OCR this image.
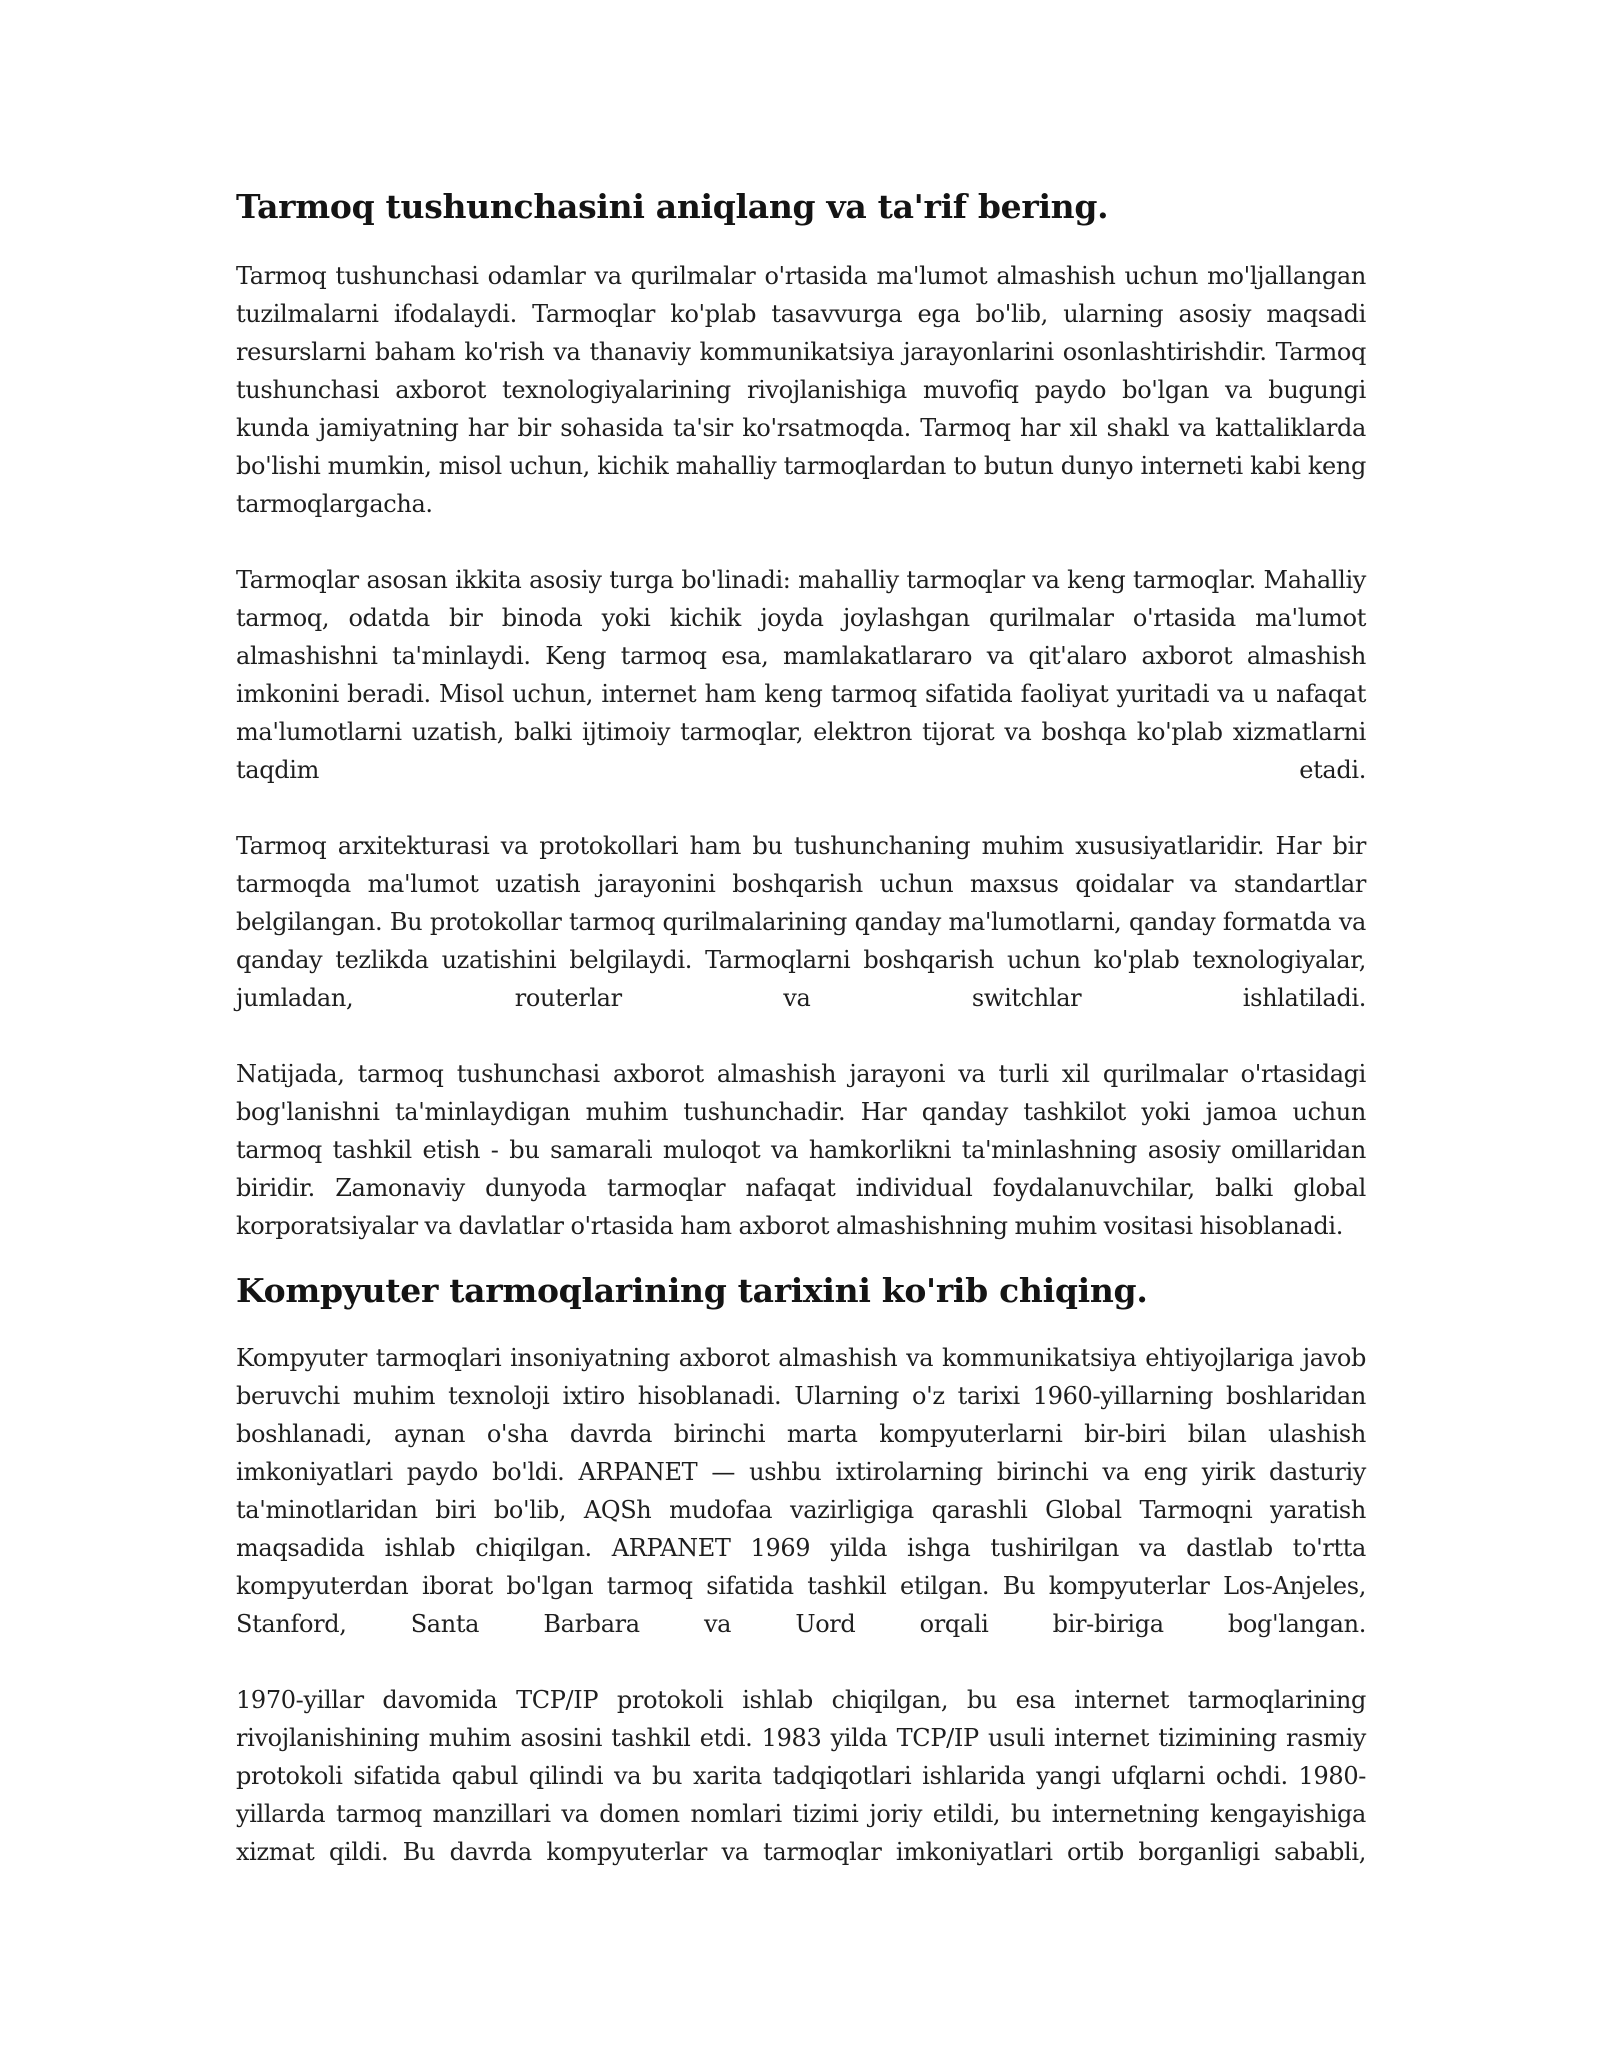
Tarmoq tushunchasini aniqlang va ta'rif bering.

Tarmoq tushunchasi odamlar va qurilmalar o'rtasida ma'lumot almashish uchun mo'ljallangan tuzilmalarni ifodalaydi. Tarmoqlar ko'plab tasavvurga ega bo'lib, ularning asosiy maqsadi resurslarni baham ko'rish va thanaviy kommunikatsiya jarayonlarini osonlashtirishdir. Tarmoq tushunchasi axborot texnologiyalarining rivojlanishiga muvofiq paydo bo'lgan va bugungi kunda jamiyatning har bir sohasida ta'sir ko'rsatmoqda. Tarmoq har xil shakl va kattaliklarda bo'lishi mumkin, misol uchun, kichik mahalliy tarmoqlardan to butun dunyo interneti kabi keng tarmoqlargacha.

Tarmoqlar asosan ikkita asosiy turga bo'linadi: mahalliy tarmoqlar va keng tarmoqlar. Mahalliy tarmoq, odatda bir binoda yoki kichik joyda joylashgan qurilmalar o'rtasida ma'lumot almashishni ta'minlaydi. Keng tarmoq esa, mamlakatlararo va qit'alaro axborot almashish imkonini beradi. Misol uchun, internet ham keng tarmoq sifatida faoliyat yuritadi va u nafaqat ma'lumotlarni uzatish, balki ijtimoiy tarmoqlar, elektron tijorat va boshqa ko'plab xizmatlarni taqdim etadi.

Tarmoq arxitekturasi va protokollari ham bu tushunchaning muhim xususiyatlaridir. Har bir tarmoqda ma'lumot uzatish jarayonini boshqarish uchun maxsus qoidalar va standartlar belgilangan. Bu protokollar tarmoq qurilmalarining qanday ma'lumotlarni, qanday formatda va qanday tezlikda uzatishini belgilaydi. Tarmoqlarni boshqarish uchun ko'plab texnologiyalar, jumladan, routerlar va switchlar ishlatiladi.

Natijada, tarmoq tushunchasi axborot almashish jarayoni va turli xil qurilmalar o'rtasidagi bog'lanishni ta'minlaydigan muhim tushunchadir. Har qanday tashkilot yoki jamoa uchun tarmoq tashkil etish - bu samarali muloqot va hamkorlikni ta'minlashning asosiy omillaridan biridir. Zamonaviy dunyoda tarmoqlar nafaqat individual foydalanuvchilar, balki global korporatsiyalar va davlatlar o'rtasida ham axborot almashishning muhim vositasi hisoblanadi.

Kompyuter tarmoqlarining tarixini ko'rib chiqing.

Kompyuter tarmoqlari insoniyatning axborot almashish va kommunikatsiya ehtiyojlariga javob beruvchi muhim texnoloji ixtiro hisoblanadi. Ularning o'z tarixi 1960-yillarning boshlaridan boshlanadi, aynan o'sha davrda birinchi marta kompyuterlarni bir-biri bilan ulashish imkoniyatlari paydo bo'ldi. ARPANET — ushbu ixtirolarning birinchi va eng yirik dasturiy ta'minotlaridan biri bo'lib, AQSh mudofaa vazirligiga qarashli Global Tarmoqni yaratish maqsadida ishlab chiqilgan. ARPANET 1969 yilda ishga tushirilgan va dastlab to'rtta kompyuterdan iborat bo'lgan tarmoq sifatida tashkil etilgan. Bu kompyuterlar Los-Anjeles, Stanford, Santa Barbara va Uord orqali bir-biriga bog'langan.

1970-yillar davomida TCP/IP protokoli ishlab chiqilgan, bu esa internet tarmoqlarining rivojlanishining muhim asosini tashkil etdi. 1983 yilda TCP/IP usuli internet tizimining rasmiy protokoli sifatida qabul qilindi va bu xarita tadqiqotlari ishlarida yangi ufqlarni ochdi. 1980-yillarda tarmoq manzillari va domen nomlari tizimi joriy etildi, bu internetning kengayishiga xizmat qildi. Bu davrda kompyuterlar va tarmoqlar imkoniyatlari ortib borganligi sababli,
